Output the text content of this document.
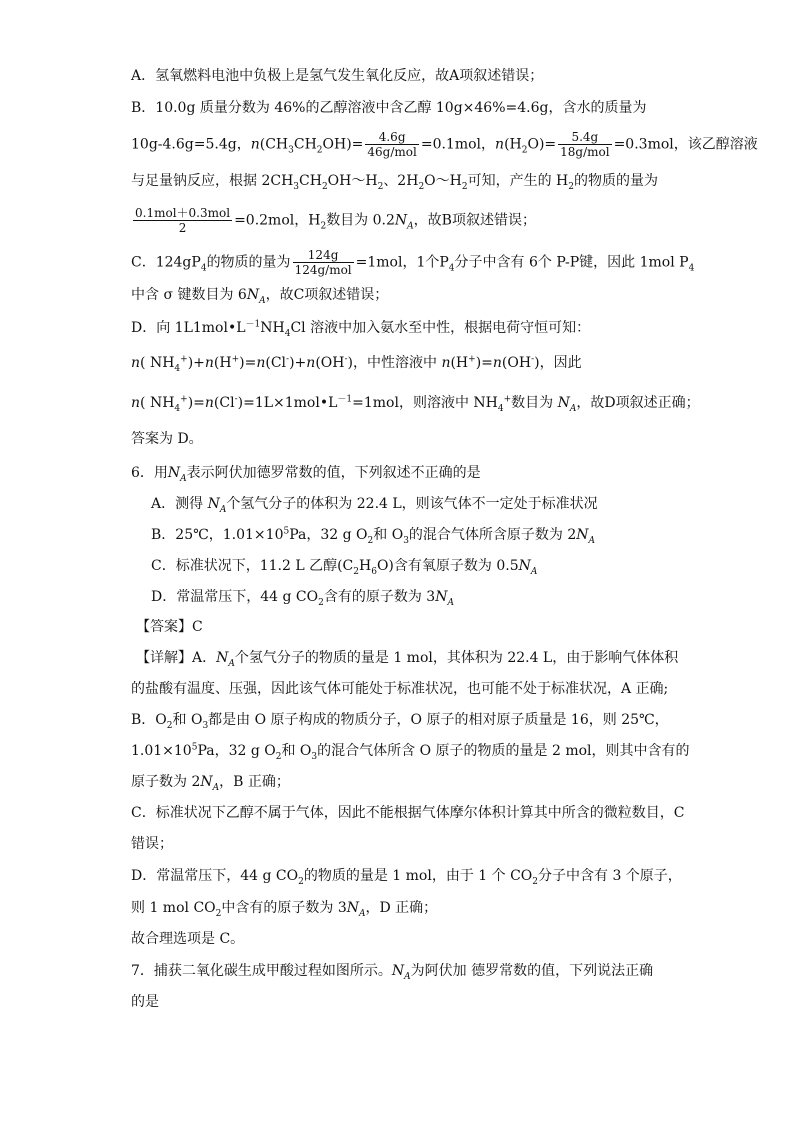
A．氢氧燃料电池中负极上是氢气发生氧化反应，故A项叙述错误；
B．10.0g 质量分数为 46%的乙醇溶液中含乙醇 10g×46%=4.6g，含水的质量为
10g-4.6g=5.4g，$n(CH_3CH_2OH)= \frac{4.6g}{\text{46g/mol}} =0.1mol$，$n(H_2O)= \frac{5.4g}{\text{18g/mol}} =0.3mol$，该乙醇溶液
与足量钠反应，根据 $2CH_3CH_2OH\sim H_2$、$2H_2O\sim H_2$可知，产生的 $H_2$的物质的量为
$\frac{\text{0.1mol＋0.3mol}}{2} =0.2mol$，$H_2$数目为 $0.2N_A$，故B项叙述错误；
C．$124gP_4$的物质的量为 $\frac{124g}{\text{124g/mol}} =1mol$，1个$P_4$分子中含有 6个 P-P键，因此 1mol $P_4$
中含 σ 键数目为 $6N_A$，故C项叙述错误；
D．向 $1L1mol•L^{-1}NH_4Cl$ 溶液中加入氨水至中性，根据电荷守恒可知：
n( $NH_4^+)+n(H^+)=n(Cl^-)+n(OH^-)$，中性溶液中 n(H+)=n(OH-)，因此
n( $NH_4^+)=n(Cl^-)=1L\times 1mol•L^{-1}=1mol$，则溶液中 $NH_4^+$数目为 $N_A$，故D项叙述正确；
答案为 D。
6．用$N_A$表示阿伏加德罗常数的值，下列叙述不正确的是
A．测得 $N_A$个氢气分子的体积为 22.4 L，则该气体不一定处于标准状况
B．25℃，$1.01\times 10^5Pa$，32 g $O_2$和 $O_3$的混合气体所含原子数为 $2N_A$
C．标准状况下，11.2 L 乙醇$(C_2H_6O)$含有氧原子数为 $0.5N_A$
D．常温常压下，44 g $CO_2$含有的原子数为 $3N_A$
【答案】C
【详解】A．$N_A$个氢气分子的物质的量是 1 mol，其体积为 22.4 L，由于影响气体体积
的盐酸有温度、压强，因此该气体可能处于标准状况，也可能不处于标准状况，A 正确;
B．$O_2$和 $O_3$都是由 O 原子构成的物质分子，O 原子的相对原子质量是 16，则 25℃，
$1.01\times 10^5Pa$，32 g $O_2$和 $O_3$的混合气体所含 O 原子的物质的量是 2 mol，则其中含有的
原子数为 $2N_A$，B 正确；
C．标准状况下乙醇不属于气体，因此不能根据气体摩尔体积计算其中所含的微粒数目，C
错误；
D．常温常压下，44 g $CO_2$的物质的量是 1 mol，由于 1 个 $CO_2$分子中含有 3 个原子，
则 1 mol $CO_2$中含有的原子数为 $3N_A$，D 正确；
故合理选项是 C。
7．捕获二氧化碳生成甲酸过程如图所示。$N_A$为阿伏加 德罗常数的值，下列说法正确
的是
